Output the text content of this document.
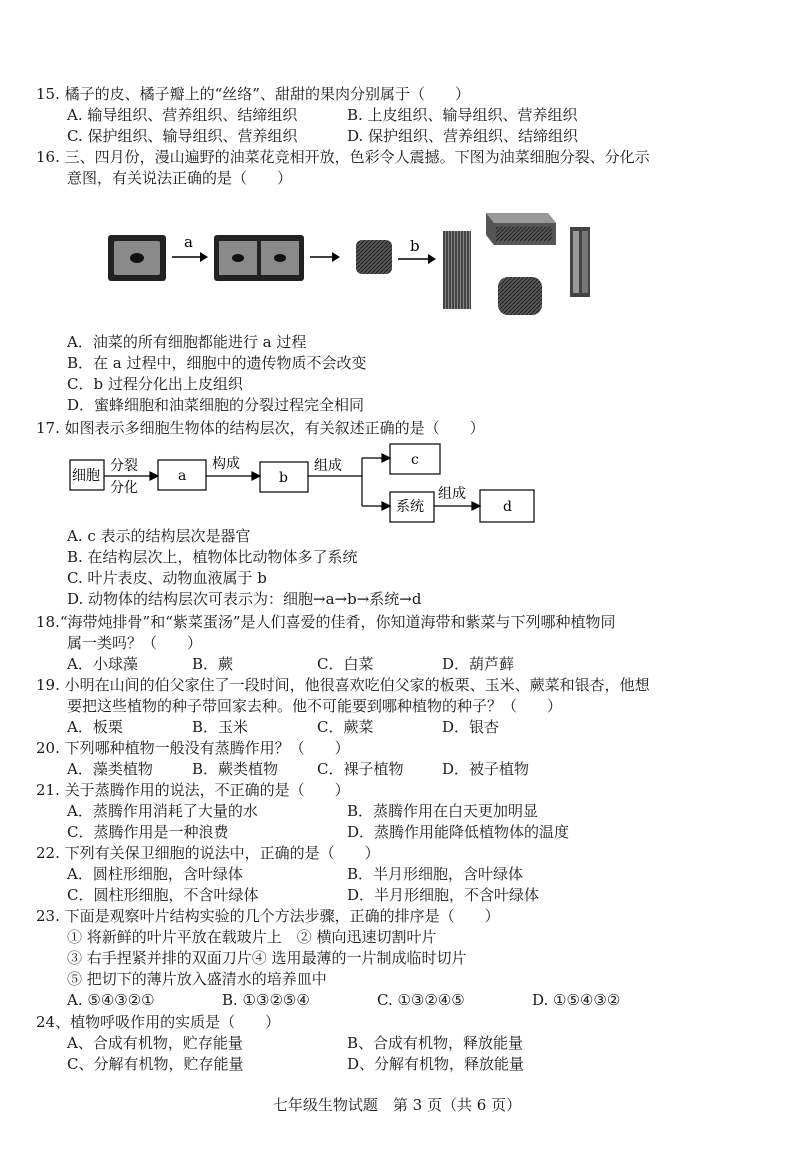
15. 橘子的皮、橘子瓣上的“丝络”、甜甜的果肉分别属于（　　）
A. 输导组织、营养组织、结缔组织	B. 上皮组织、输导组织、营养组织
C. 保护组织、输导组织、营养组织	D. 保护组织、营养组织、结缔组织
16. 三、四月份，漫山遍野的油菜花竞相开放，色彩令人震撼。下图为油菜细胞分裂、分化示
意图，有关说法正确的是（　　）
a	b
A．油菜的所有细胞都能进行 a 过程
B．在 a 过程中，细胞中的遗传物质不会改变
C．b 过程分化出上皮组织
D．蜜蜂细胞和油菜细胞的分裂过程完全相同
17. 如图表示多细胞生物体的结构层次，有关叙述正确的是（　　）
细胞
分裂
分化
a
构成
b
组成	c
系统
组成
d
A. c 表示的结构层次是器官
B. 在结构层次上，植物体比动物体多了系统
C. 叶片表皮、动物血液属于 b
D. 动物体的结构层次可表示为：细胞→a→b→系统→d
18.“海带炖排骨”和“紫菜蛋汤”是人们喜爱的佳肴，你知道海带和紫菜与下列哪种植物同
属一类吗？（　　）
A．小球藻	B．蕨	C．白菜	D．葫芦藓
19. 小明在山间的伯父家住了一段时间，他很喜欢吃伯父家的板栗、玉米、蕨菜和银杏，他想
要把这些植物的种子带回家去种。他不可能要到哪种植物的种子？（　　）
A．板栗	B．玉米	C．蕨菜	D．银杏
20. 下列哪种植物一般没有蒸腾作用？（　　）
A．藻类植物	B．蕨类植物	C．裸子植物	D．被子植物
21. 关于蒸腾作用的说法，不正确的是（　　）
A．蒸腾作用消耗了大量的水	B．蒸腾作用在白天更加明显
C．蒸腾作用是一种浪费	D．蒸腾作用能降低植物体的温度
22. 下列有关保卫细胞的说法中，正确的是（　　）
A．圆柱形细胞，含叶绿体	B．半月形细胞，含叶绿体
C．圆柱形细胞，不含叶绿体	D．半月形细胞，不含叶绿体
23. 下面是观察叶片结构实验的几个方法步骤，正确的排序是（　　）
① 将新鲜的叶片平放在载玻片上　② 横向迅速切割叶片
③ 右手捏紧并排的双面刀片④ 选用最薄的一片制成临时切片
⑤ 把切下的薄片放入盛清水的培养皿中
A. ⑤④③②①	B. ①③②⑤④	C. ①③②④⑤	D. ①⑤④③②
24、植物呼吸作用的实质是（　　）
A、合成有机物，贮存能量	B、合成有机物，释放能量
C、分解有机物，贮存能量	D、分解有机物，释放能量
七年级生物试题　第 3 页（共 6 页）
